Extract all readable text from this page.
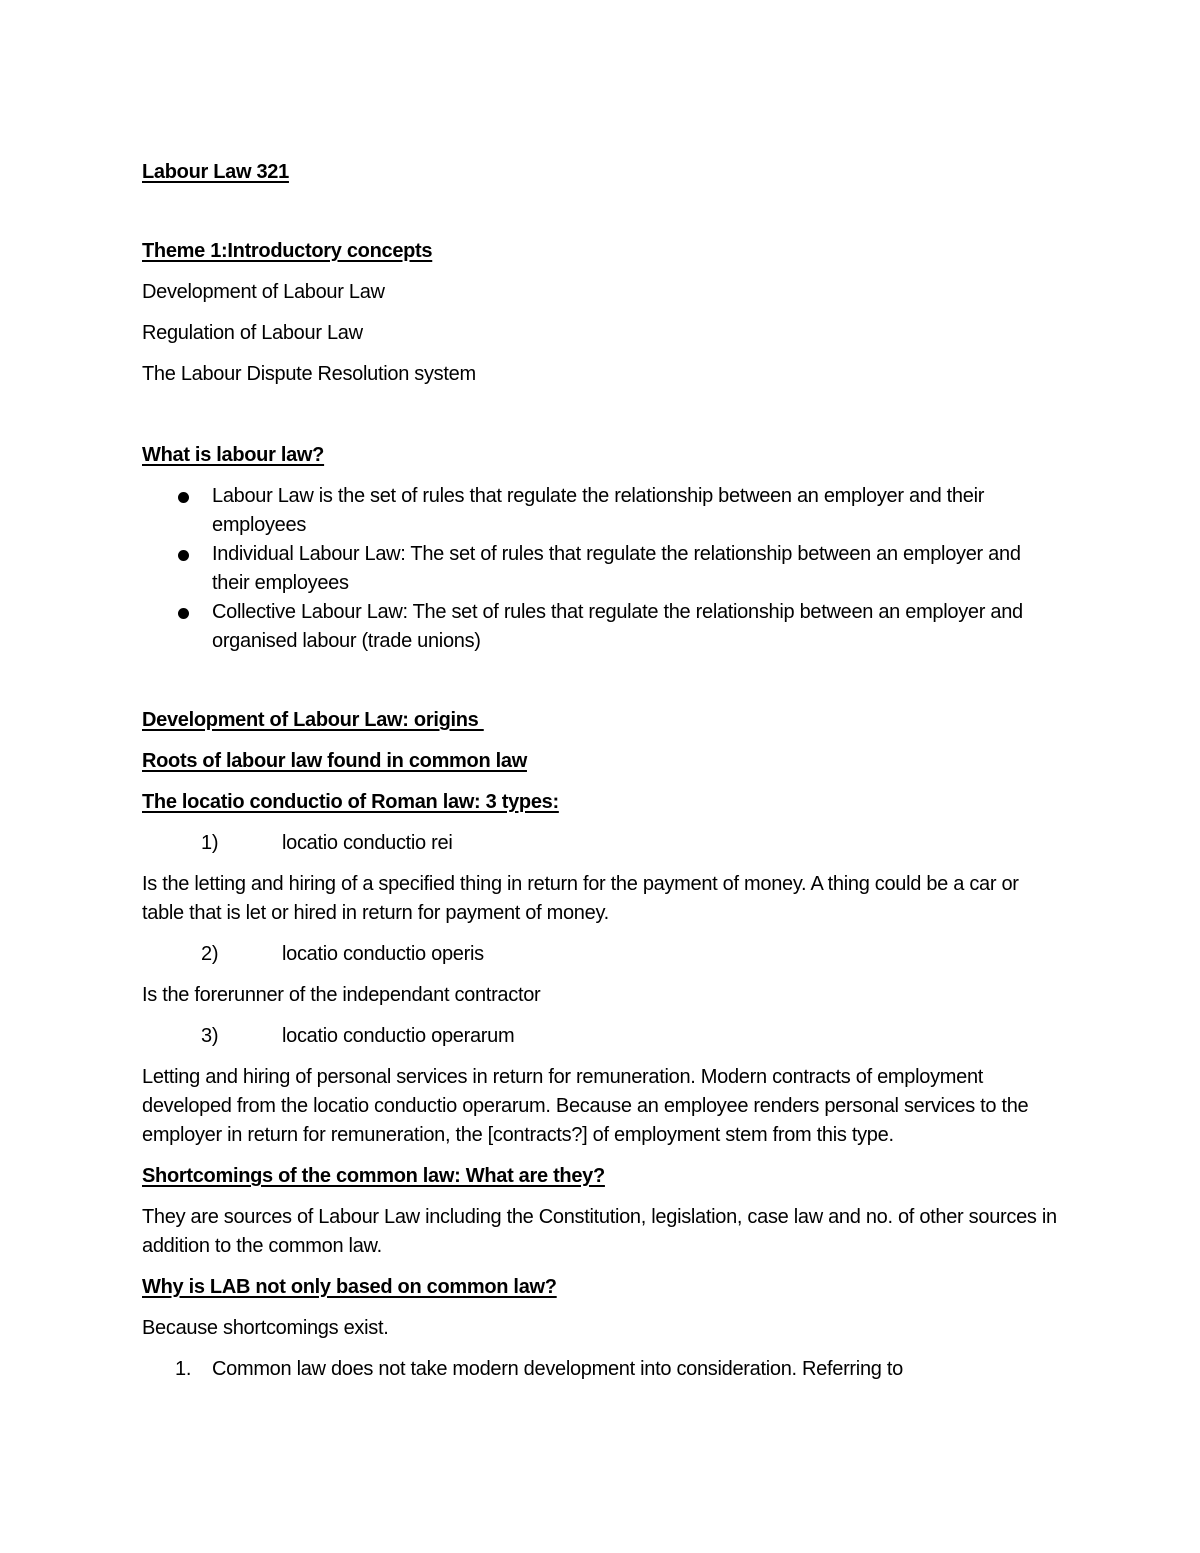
Labour Law 321

Theme 1:Introductory concepts

Development of Labour Law

Regulation of Labour Law

The Labour Dispute Resolution system

What is labour law?

Labour Law is the set of rules that regulate the relationship between an employer and their employees
Individual Labour Law: The set of rules that regulate the relationship between an employer and their employees
Collective Labour Law: The set of rules that regulate the relationship between an employer and organised labour (trade unions)

Development of Labour Law: origins

Roots of labour law found in common law

The locatio conductio of Roman law: 3 types:

1)	locatio conductio rei

Is the letting and hiring of a specified thing in return for the payment of money. A thing could be a car or table that is let or hired in return for payment of money.

2)	locatio conductio operis

Is the forerunner of the independant contractor

3)	locatio conductio operarum

Letting and hiring of personal services in return for remuneration. Modern contracts of employment developed from the locatio conductio operarum. Because an employee renders personal services to the employer in return for remuneration, the [contracts?] of employment stem from this type.

Shortcomings of the common law: What are they?

They are sources of Labour Law including the Constitution, legislation, case law and no. of other sources in addition to the common law.

Why is LAB not only based on common law?

Because shortcomings exist.

1. Common law does not take modern development into consideration. Referring to
